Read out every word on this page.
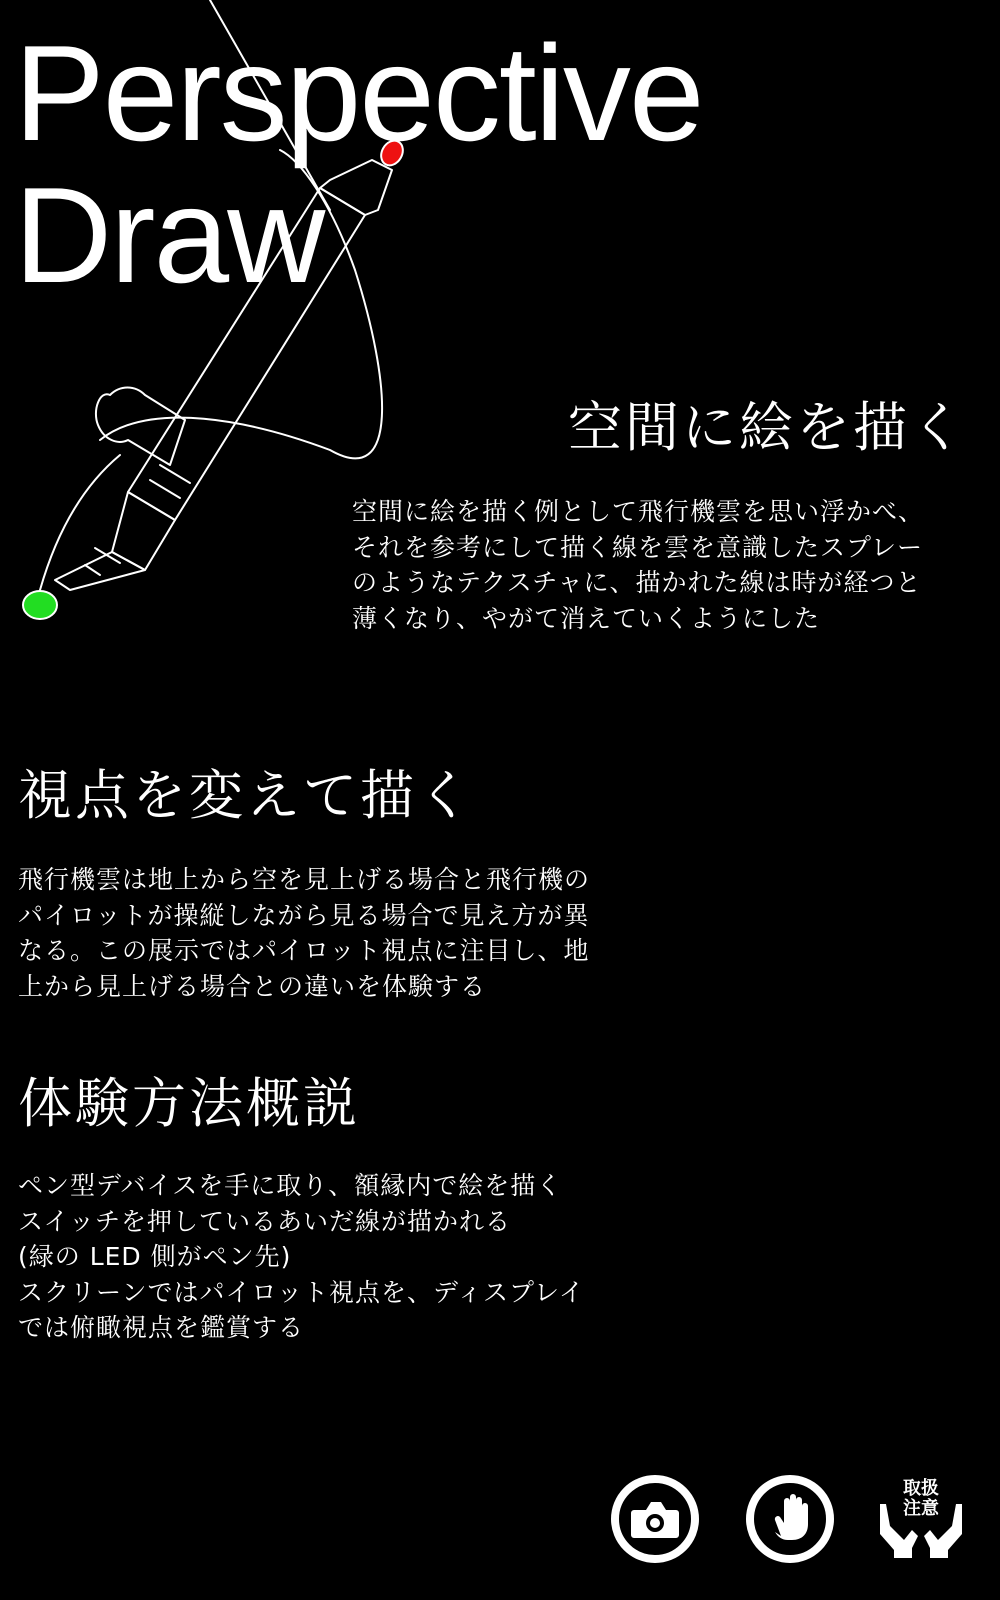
Perspective
Draw
空間に絵を描く

空間に絵を描く例として飛行機雲を思い浮かべ、
それを参考にして描く線を雲を意識したスプレー
のようなテクスチャに、描かれた線は時が経つと
薄くなり、やがて消えていくようにした

視点を変えて描く

飛行機雲は地上から空を見上げる場合と飛行機の
パイロットが操縦しながら見る場合で見え方が異
なる。この展示ではパイロット視点に注目し、地
上から見上げる場合との違いを体験する

体験方法概説

ペン型デバイスを手に取り、額縁内で絵を描く
スイッチを押しているあいだ線が描かれる
(緑の LED 側がペン先)
スクリーンではパイロット視点を、ディスプレイ
では俯瞰視点を鑑賞する

取扱
注意
